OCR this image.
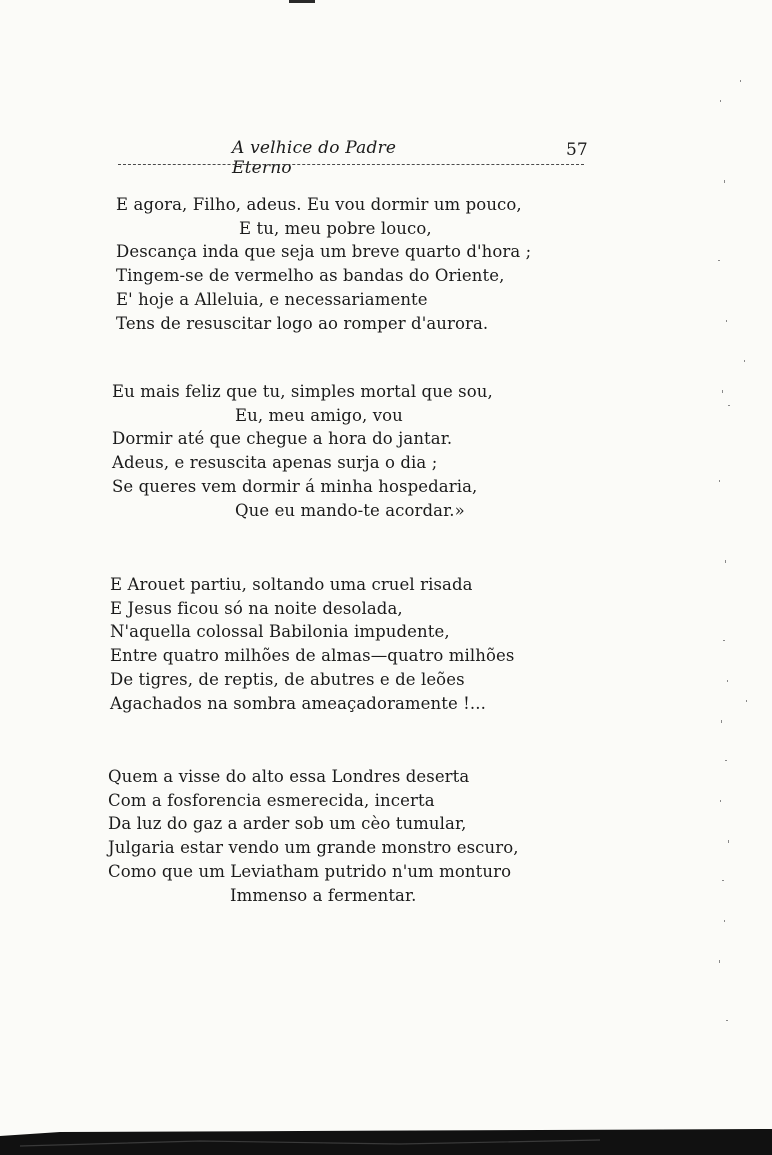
A velhice do Padre Eterno
57
E agora, Filho, adeus. Eu vou dormir um pouco,
E tu, meu pobre louco,
Descança inda que seja um breve quarto d'hora ;
Tingem-se de vermelho as bandas do Oriente,
E' hoje a Alleluia, e necessariamente
Tens de resuscitar logo ao romper d'aurora.
Eu mais feliz que tu, simples mortal que sou,
Eu, meu amigo, vou
Dormir até que chegue a hora do jantar.
Adeus, e resuscita apenas surja o dia ;
Se queres vem dormir á minha hospedaria,
Que eu mando-te acordar.»
E Arouet partiu, soltando uma cruel risada
E Jesus ficou só na noite desolada,
N'aquella colossal Babilonia impudente,
Entre quatro milhões de almas—quatro milhões
De tigres, de reptis, de abutres e de leões
Agachados na sombra ameaçadoramente !...
Quem a visse do alto essa Londres deserta
Com a fosforencia esmerecida, incerta
Da luz do gaz a arder sob um cèo tumular,
Julgaria estar vendo um grande monstro escuro,
Como que um Leviatham putrido n'um monturo
Immenso a fermentar.
